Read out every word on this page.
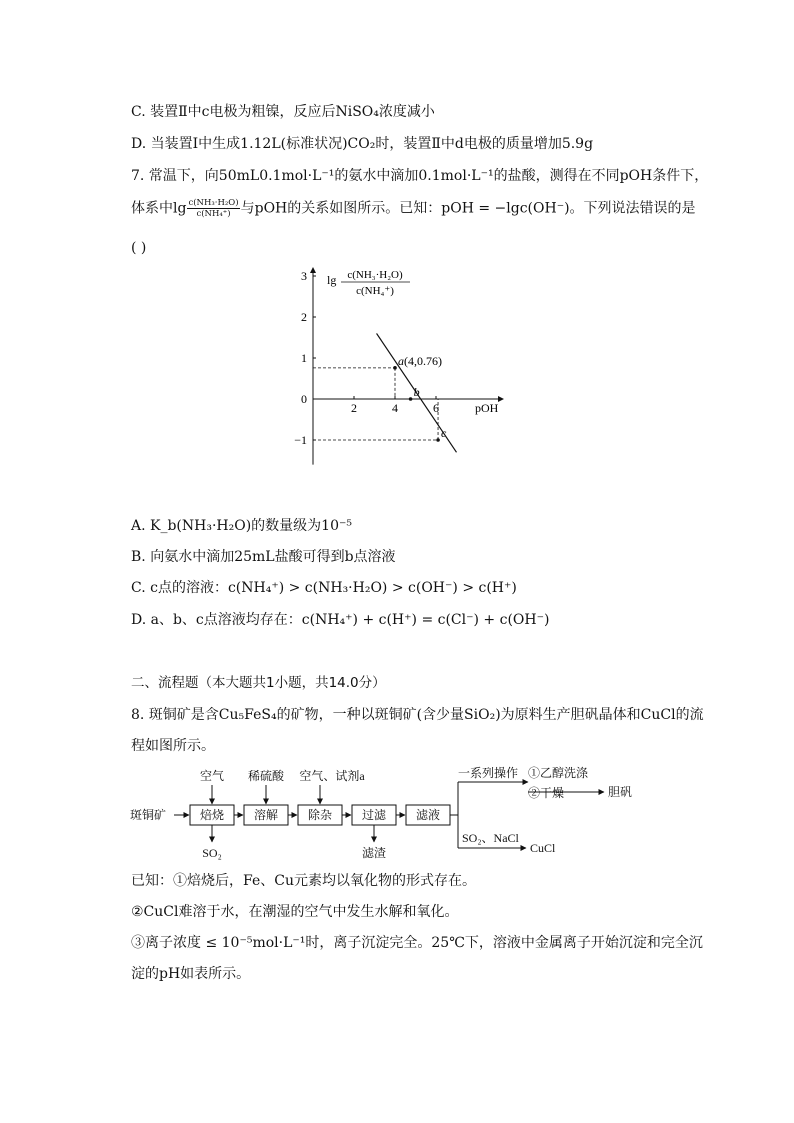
C. 装置Ⅱ中c电极为粗镍，反应后NiSO₄浓度减小
D. 当装置Ⅰ中生成1.12L(标准状况)CO₂时，装置Ⅱ中d电极的质量增加5.9g
7. 常温下，向50mL0.1mol·L⁻¹的氨水中滴加0.1mol·L⁻¹的盐酸，测得在不同pOH条件下，
体系中$\lg \frac{\text{c(NH₃·H₂O)}}{\text{c(NH₄⁺)}}$ 与pOH的关系如图所示。已知：pOH = −lgc(OH⁻)。下列说法错误的是
( )
2	4	6
3
2
1
0
−1
a(4,0.76)
b
c
lg c(NH₃·H₂O)
c(NH₄⁺)
pOH
A. K_b(NH₃·H₂O)的数量级为10⁻⁵
B. 向氨水中滴加25mL盐酸可得到b点溶液
C. c点的溶液：c(NH₄⁺) > c(NH₃·H₂O) > c(OH⁻) > c(H⁺)
D. a、b、c点溶液均存在：c(NH₄⁺) + c(H⁺) = c(Cl⁻) + c(OH⁻)
二、流程题（本大题共1小题，共14.0分）
8. 斑铜矿是含Cu₅FeS₄的矿物，一种以斑铜矿(含少量SiO₂)为原料生产胆矾晶体和CuCl的流
程如图所示。
斑铜矿	焙烧 溶解 除杂 过滤 滤液
空气 稀硫酸 空气、试剂a
SO₂	滤渣
一系列操作 ①乙醇洗涤
②干燥	胆矾
SO₂、NaCl
CuCl
已知：①焙烧后，Fe、Cu元素均以氧化物的形式存在。
②CuCl难溶于水，在潮湿的空气中发生水解和氧化。
③离子浓度 ≤ 10⁻⁵mol·L⁻¹时，离子沉淀完全。25℃下，溶液中金属离子开始沉淀和完全沉
淀的pH如表所示。
